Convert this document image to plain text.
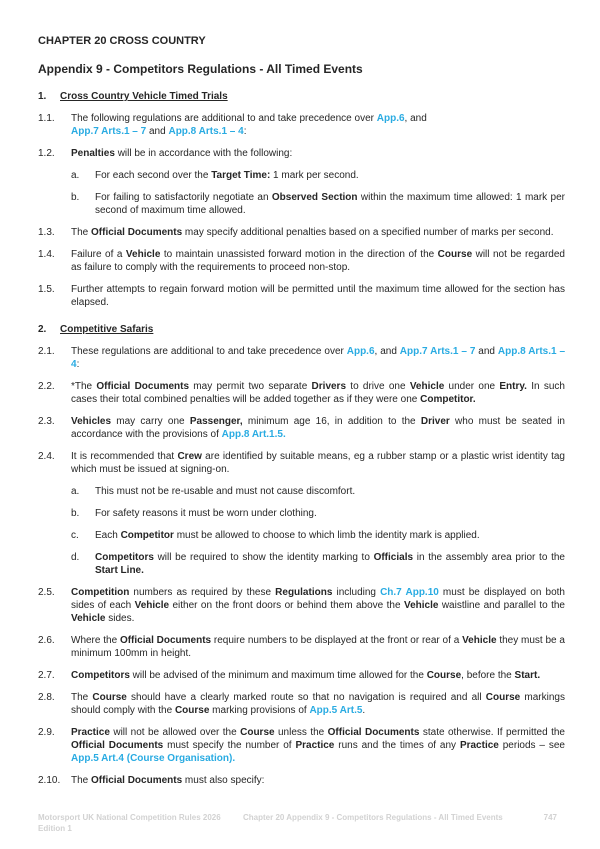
CHAPTER 20 CROSS COUNTRY
Appendix 9 - Competitors Regulations - All Timed Events
1.	Cross Country Vehicle Timed Trials
1.1.	The following regulations are additional to and take precedence over App.6, and
App.7 Arts.1 – 7 and App.8 Arts.1 – 4:
1.2.	Penalties will be in accordance with the following:
a.	For each second over the Target Time: 1 mark per second.
b.	For failing to satisfactorily negotiate an Observed Section within the maximum time allowed: 1 mark per second of maximum time allowed.
1.3.	The Official Documents may specify additional penalties based on a specified number of marks per second.
1.4.	Failure of a Vehicle to maintain unassisted forward motion in the direction of the Course will not be regarded as failure to comply with the requirements to proceed non-stop.
1.5.	Further attempts to regain forward motion will be permitted until the maximum time allowed for the section has elapsed.
2.	Competitive Safaris
2.1.	These regulations are additional to and take precedence over App.6, and App.7 Arts.1 – 7 and App.8 Arts.1 – 4:
2.2.	*The Official Documents may permit two separate Drivers to drive one Vehicle under one Entry. In such cases their total combined penalties will be added together as if they were one Competitor.
2.3.	Vehicles may carry one Passenger, minimum age 16, in addition to the Driver who must be seated in accordance with the provisions of App.8 Art.1.5.
2.4.	It is recommended that Crew are identified by suitable means, eg a rubber stamp or a plastic wrist identity tag which must be issued at signing-on.
a.	This must not be re-usable and must not cause discomfort.
b.	For safety reasons it must be worn under clothing.
c.	Each Competitor must be allowed to choose to which limb the identity mark is applied.
d.	Competitors will be required to show the identity marking to Officials in the assembly area prior to the Start Line.
2.5.	Competition numbers as required by these Regulations including Ch.7 App.10 must be displayed on both sides of each Vehicle either on the front doors or behind them above the Vehicle waistline and parallel to the Vehicle sides.
2.6.	Where the Official Documents require numbers to be displayed at the front or rear of a Vehicle they must be a minimum 100mm in height.
2.7.	Competitors will be advised of the minimum and maximum time allowed for the Course, before the Start.
2.8.	The Course should have a clearly marked route so that no navigation is required and all Course markings should comply with the Course marking provisions of App.5 Art.5.
2.9.	Practice will not be allowed over the Course unless the Official Documents state otherwise. If permitted the Official Documents must specify the number of Practice runs and the times of any Practice periods – see App.5 Art.4 (Course Organisation).
2.10.	The Official Documents must also specify:
Motorsport UK National Competition Rules 2026
Edition 1
Chapter 20 Appendix 9 - Competitors Regulations - All Timed Events	747
